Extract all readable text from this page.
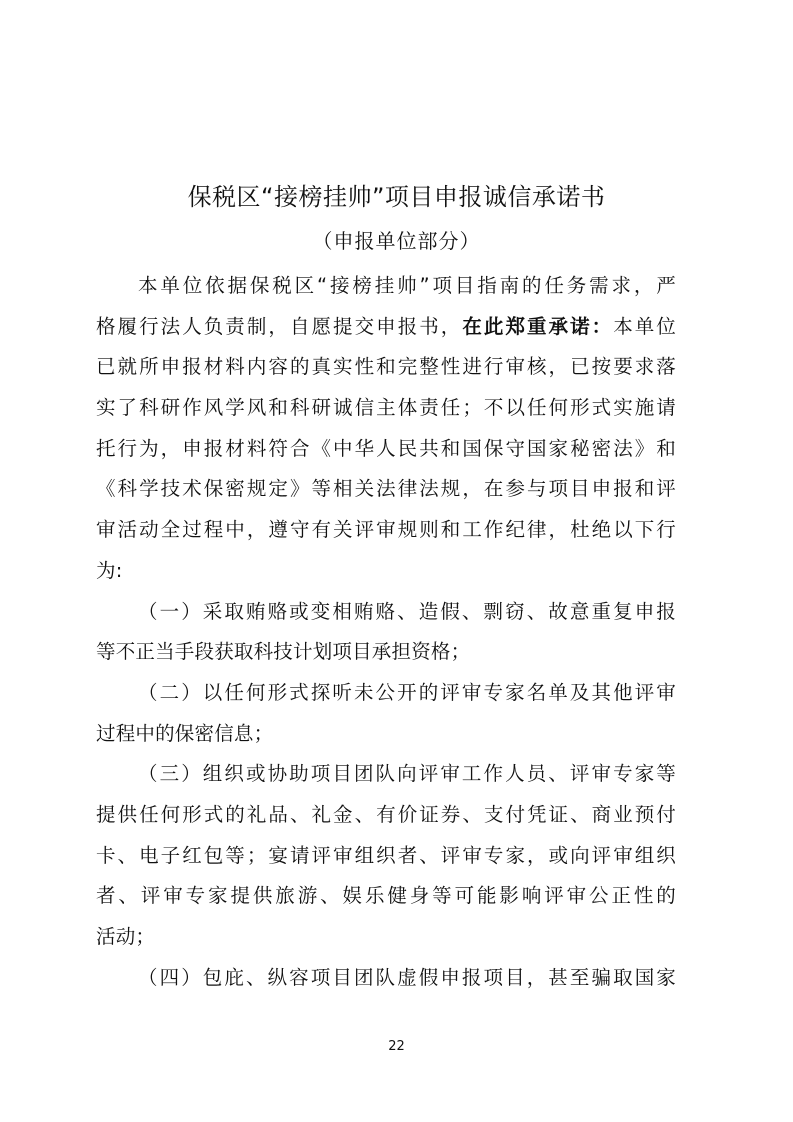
保税区“接榜挂帅”项目申报诚信承诺书
（申报单位部分）
本单位依据保税区“接榜挂帅”项目指南的任务需求，严
格履行法人负责制，自愿提交申报书，在此郑重承诺：本单位
已就所申报材料内容的真实性和完整性进行审核，已按要求落
实了科研作风学风和科研诚信主体责任；不以任何形式实施请
托行为，申报材料符合《中华人民共和国保守国家秘密法》和
《科学技术保密规定》等相关法律法规，在参与项目申报和评
审活动全过程中，遵守有关评审规则和工作纪律，杜绝以下行
为:
（一）采取贿赂或变相贿赂、造假、剽窃、故意重复申报
等不正当手段获取科技计划项目承担资格；
（二）以任何形式探听未公开的评审专家名单及其他评审
过程中的保密信息；
（三）组织或协助项目团队向评审工作人员、评审专家等
提供任何形式的礼品、礼金、有价证券、支付凭证、商业预付
卡、电子红包等；宴请评审组织者、评审专家，或向评审组织
者、评审专家提供旅游、娱乐健身等可能影响评审公正性的
活动；
（四）包庇、纵容项目团队虚假申报项目，甚至骗取国家
22
